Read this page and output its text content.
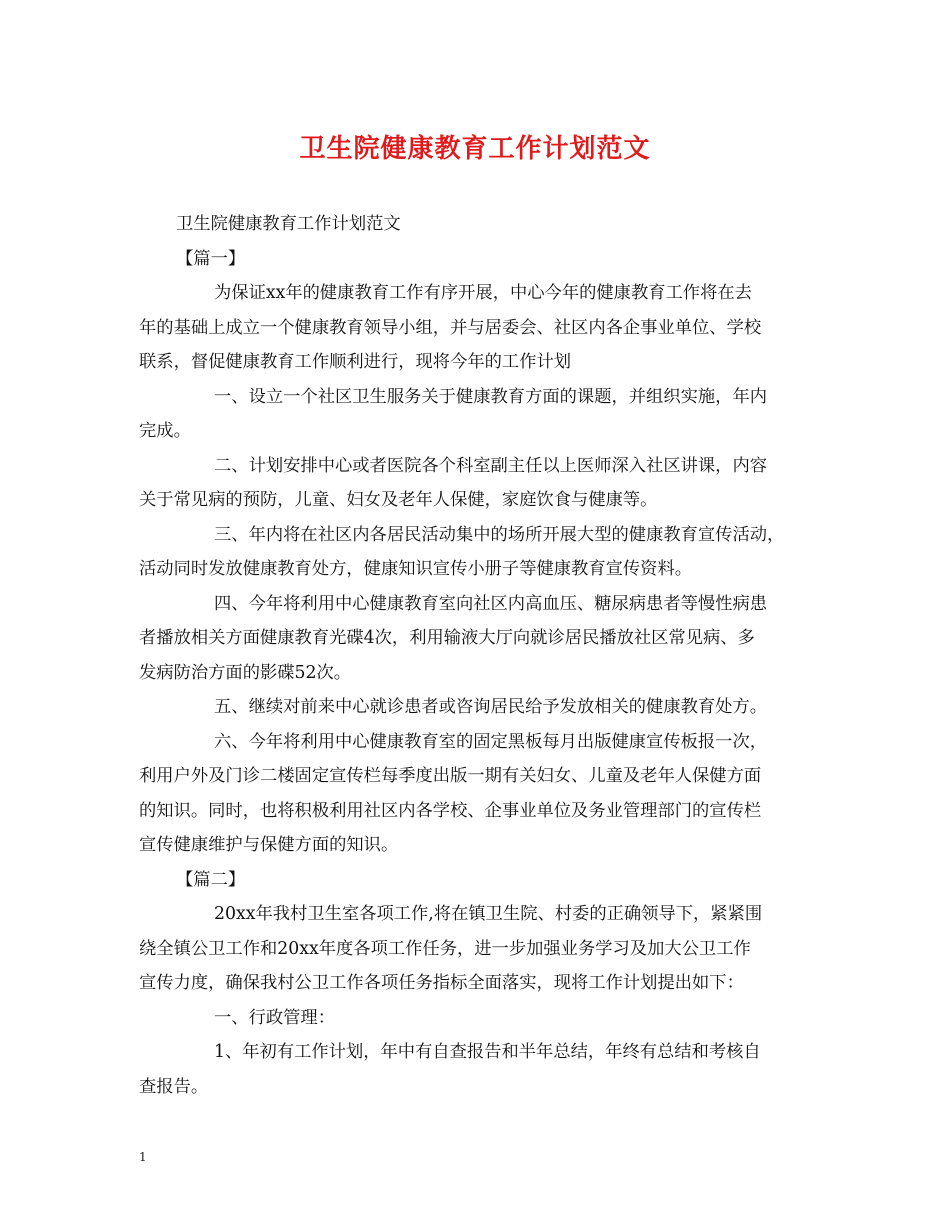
卫生院健康教育工作计划范文

卫生院健康教育工作计划范文

【篇一】

为保证xx年的健康教育工作有序开展，中心今年的健康教育工作将在去

年的基础上成立一个健康教育领导小组，并与居委会、社区内各企事业单位、学校

联系，督促健康教育工作顺利进行，现将今年的工作计划

一、设立一个社区卫生服务关于健康教育方面的课题，并组织实施，年内

完成。

二、计划安排中心或者医院各个科室副主任以上医师深入社区讲课，内容

关于常见病的预防，儿童、妇女及老年人保健，家庭饮食与健康等。

三、年内将在社区内各居民活动集中的场所开展大型的健康教育宣传活动，

活动同时发放健康教育处方，健康知识宣传小册子等健康教育宣传资料。

四、今年将利用中心健康教育室向社区内高血压、糖尿病患者等慢性病患

者播放相关方面健康教育光碟4次，利用输液大厅向就诊居民播放社区常见病、多

发病防治方面的影碟52次。

五、继续对前来中心就诊患者或咨询居民给予发放相关的健康教育处方。

六、今年将利用中心健康教育室的固定黑板每月出版健康宣传板报一次，

利用户外及门诊二楼固定宣传栏每季度出版一期有关妇女、儿童及老年人保健方面

的知识。同时，也将积极利用社区内各学校、企事业单位及务业管理部门的宣传栏

宣传健康维护与保健方面的知识。

【篇二】

20xx年我村卫生室各项工作,将在镇卫生院、村委的正确领导下，紧紧围

绕全镇公卫工作和20xx年度各项工作任务，进一步加强业务学习及加大公卫工作

宣传力度，确保我村公卫工作各项任务指标全面落实，现将工作计划提出如下：

一、行政管理：

1、年初有工作计划，年中有自查报告和半年总结，年终有总结和考核自

查报告。

1
